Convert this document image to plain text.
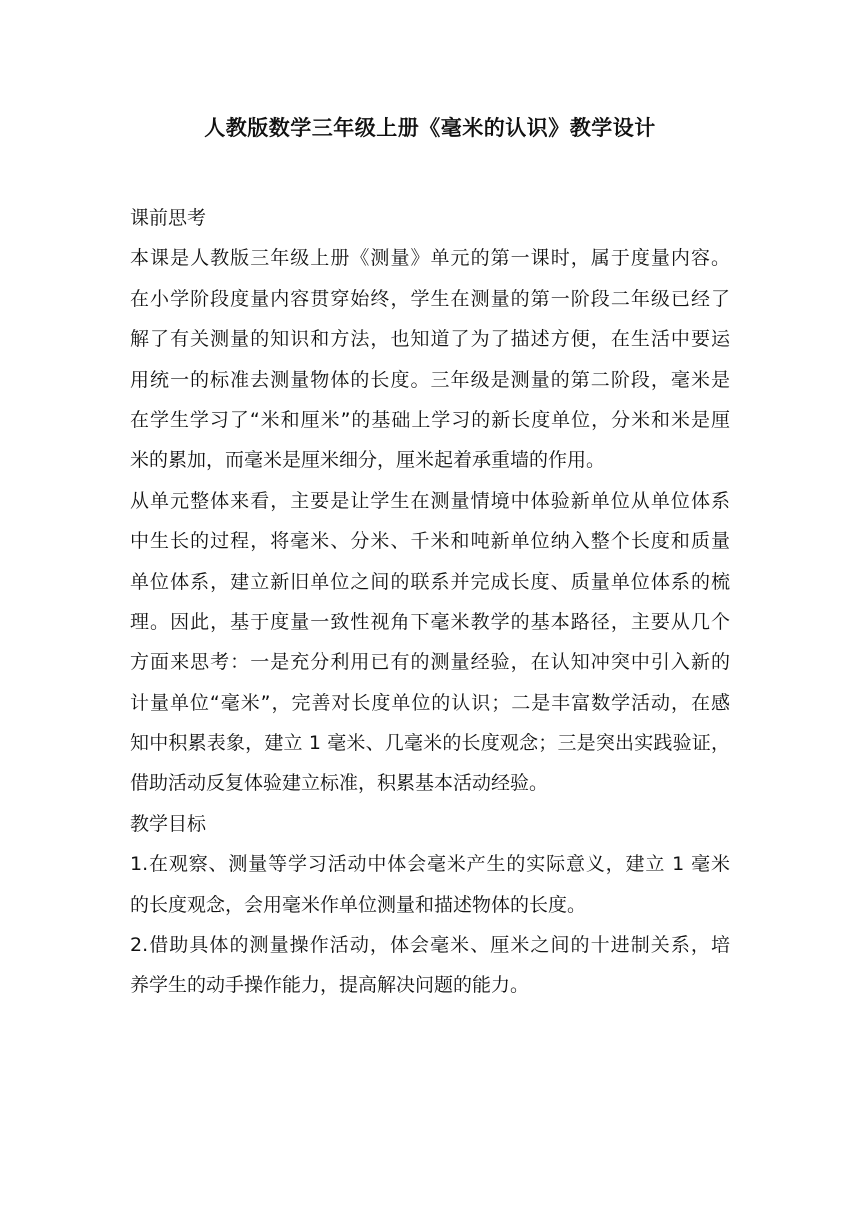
人教版数学三年级上册《毫米的认识》教学设计

课前思考

本课是人教版三年级上册《测量》单元的第一课时，属于度量内容。
在小学阶段度量内容贯穿始终，学生在测量的第一阶段二年级已经了
解了有关测量的知识和方法，也知道了为了描述方便，在生活中要运
用统一的标准去测量物体的长度。三年级是测量的第二阶段，毫米是
在学生学习了“米和厘米”的基础上学习的新长度单位，分米和米是厘
米的累加，而毫米是厘米细分，厘米起着承重墙的作用。

从单元整体来看，主要是让学生在测量情境中体验新单位从单位体系
中生长的过程，将毫米、分米、千米和吨新单位纳入整个长度和质量
单位体系，建立新旧单位之间的联系并完成长度、质量单位体系的梳
理。因此，基于度量一致性视角下毫米教学的基本路径，主要从几个
方面来思考：一是充分利用已有的测量经验，在认知冲突中引入新的
计量单位“毫米”，完善对长度单位的认识；二是丰富数学活动，在感
知中积累表象，建立 1 毫米、几毫米的长度观念；三是突出实践验证，
借助活动反复体验建立标准，积累基本活动经验。

教学目标

1.在观察、测量等学习活动中体会毫米产生的实际意义，建立 1 毫米
的长度观念，会用毫米作单位测量和描述物体的长度。

2.借助具体的测量操作活动，体会毫米、厘米之间的十进制关系，培
养学生的动手操作能力，提高解决问题的能力。
